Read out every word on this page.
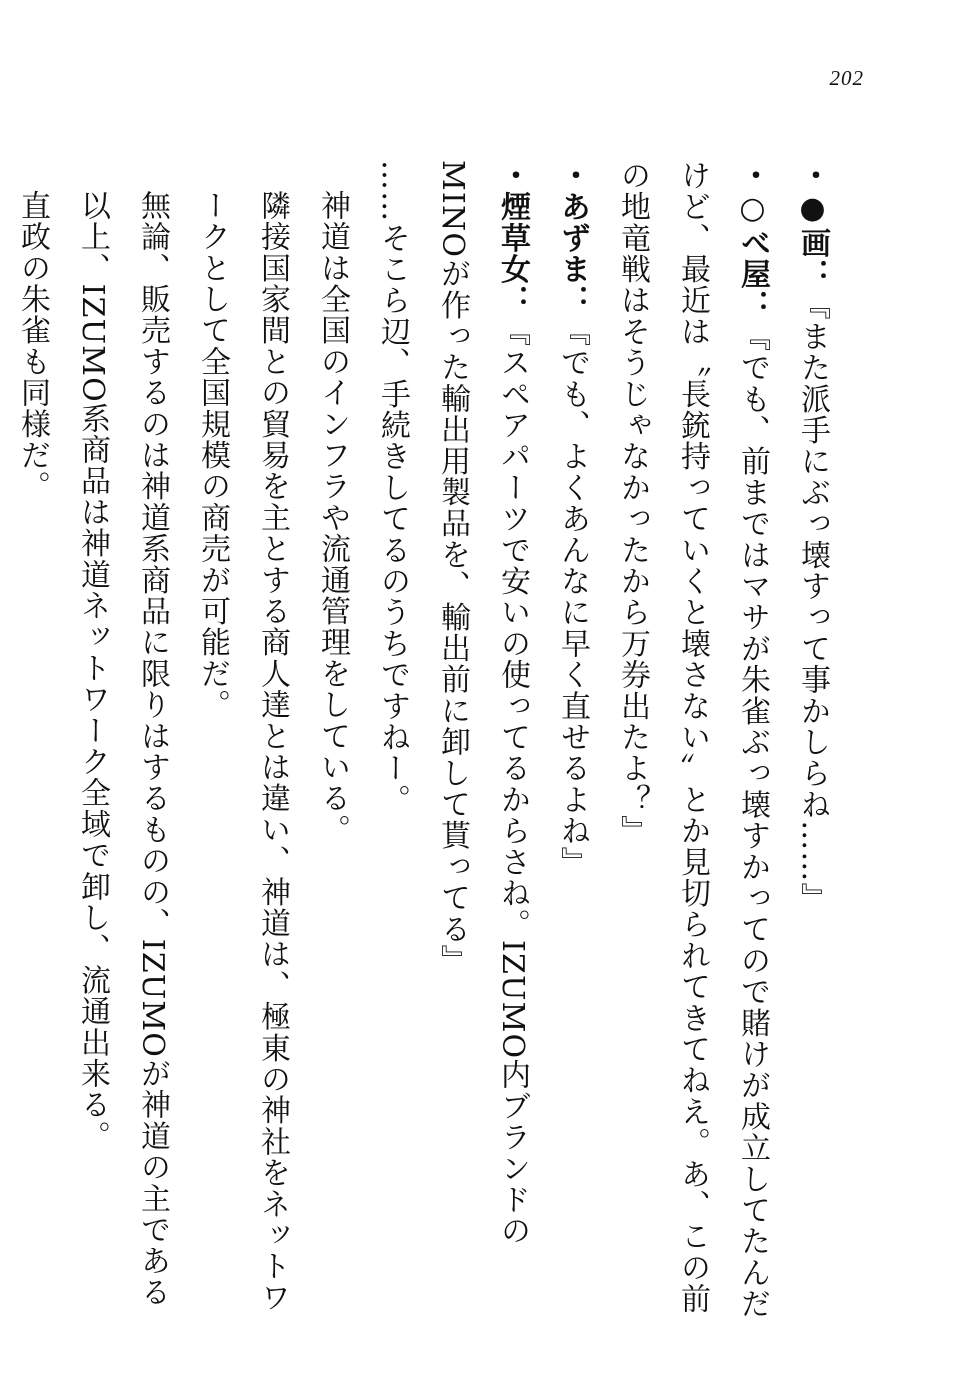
202

・●画：『また派手にぶっ壊すって事かしらね……』

・○べ屋：『でも、前まではマサが朱雀ぶっ壊すかってので賭けが成立してたんだけど、最近は〝長銃持っていくと壊さない〟とか見切られてきてねえ。あ、この前の地竜戦はそうじゃなかったから万券出たよ？』

・あずま：『でも、よくあんなに早く直せるよね』

・煙草女：『スペアパーツで安いの使ってるからさね。IZUMO内ブランドのMINOが作った輸出用製品を、輸出前に卸して貰ってる』

……そこら辺、手続きしてるのうちですねー。

神道は全国のインフラや流通管理をしている。

隣接国家間との貿易を主とする商人達とは違い、神道は、極東の神社をネットワークとして全国規模の商売が可能だ。

無論、販売するのは神道系商品に限りはするものの、IZUMOが神道の主である以上、IZUMO系商品は神道ネットワーク全域で卸し、流通出来る。

直政の朱雀も同様だ。
